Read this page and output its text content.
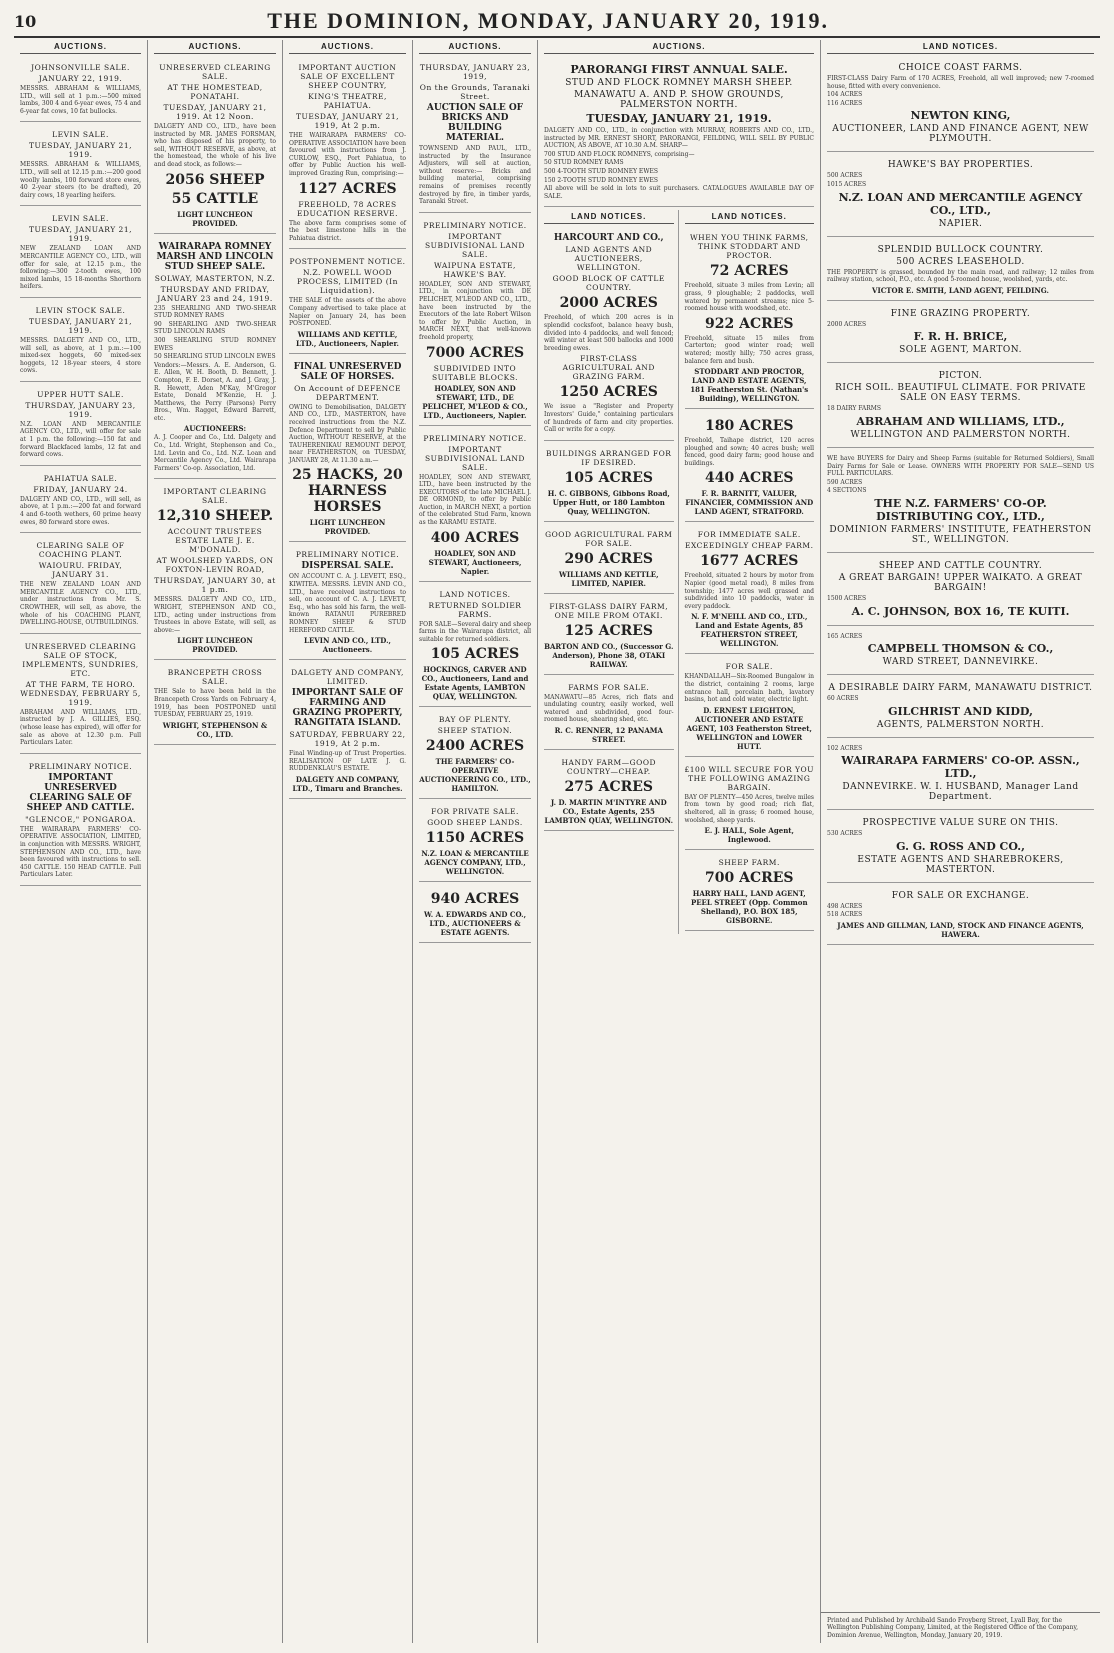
10	THE DOMINION, MONDAY, JANUARY 20, 1919.
AUCTIONS.
JOHNSONVILLE SALE.
JANUARY 22, 1919.

MESSRS. ABRAHAM & WILLIAMS, LTD., will sell at 1 p.m.:—500 mixed lambs, 300 4 and 6-year ewes, 75 4 and 6-year fat cows, 10 fat bullocks.

LEVIN SALE.
TUESDAY, JANUARY 21, 1919.

MESSRS. ABRAHAM & WILLIAMS, LTD., will sell at 12.15 p.m.:—200 good woolly lambs, 100 forward store ewes, 40 2-year steers (to be drafted), 20 dairy cows, 18 yearling heifers.

LEVIN SALE.
TUESDAY, JANUARY 21, 1919.

NEW ZEALAND LOAN AND MERCANTILE AGENCY CO., LTD., will offer for sale, at 12.15 p.m., the following:—300 2-tooth ewes, 100 mixed lambs, 15 18-months Shorthorn heifers.

LEVIN STOCK SALE.
TUESDAY, JANUARY 21, 1919.

MESSRS. DALGETY AND CO., LTD., will sell, as above, at 1 p.m.:—100 mixed-sex hoggets, 60 mixed-sex hoggets, 12 18-year steers, 4 store cows.

UPPER HUTT SALE.
THURSDAY, JANUARY 23, 1919.

N.Z. LOAN AND MERCANTILE AGENCY CO., LTD., will offer for sale at 1 p.m. the following:—150 fat and forward Blackfaced lambs, 12 fat and forward cows.

PAHIATUA SALE.
FRIDAY, JANUARY 24.

DALGETY AND CO., LTD., will sell, as above, at 1 p.m.:—200 fat and forward 4 and 6-tooth wethers, 60 prime heavy ewes, 80 forward store ewes.

CLEARING SALE OF COACHING PLANT.
WAIOURU. FRIDAY, JANUARY 31.

THE NEW ZEALAND LOAN AND MERCANTILE AGENCY CO., LTD., under instructions from Mr. S. CROWTHER, will sell, as above, the whole of his COACHING PLANT, DWELLING-HOUSE, OUTBUILDINGS.

UNRESERVED CLEARING SALE OF STOCK, IMPLEMENTS, SUNDRIES, ETC.
AT THE FARM, TE HORO. WEDNESDAY, FEBRUARY 5, 1919.

ABRAHAM AND WILLIAMS, LTD., instructed by J. A. GILLIES, ESQ. (whose lease has expired), will offer for sale as above at 12.30 p.m. Full Particulars Later.

PRELIMINARY NOTICE.
IMPORTANT UNRESERVED CLEARING SALE OF SHEEP AND CATTLE.
"GLENCOE," PONGAROA.

THE WAIRARAPA FARMERS' CO-OPERATIVE ASSOCIATION, LIMITED, in conjunction with MESSRS. WRIGHT, STEPHENSON AND CO., LTD., have been favoured with instructions to sell. 450 CATTLE. 150 HEAD CATTLE. Full Particulars Later.

AUCTIONS.
UNRESERVED CLEARING SALE.
AT THE HOMESTEAD, PONATAHI.
TUESDAY, JANUARY 21, 1919. At 12 Noon.

DALGETY AND CO., LTD., have been instructed by MR. JAMES FORSMAN, who has disposed of his property, to sell, WITHOUT RESERVE, as above, at the homestead, the whole of his live and dead stock, as follows:—

2056 SHEEP
55 CATTLE
LIGHT LUNCHEON PROVIDED.
WAIRARAPA ROMNEY MARSH AND LINCOLN STUD SHEEP SALE.
SOLWAY, MASTERTON, N.Z.
THURSDAY AND FRIDAY, JANUARY 23 and 24, 1919.

235 SHEARLING AND TWO-SHEAR STUD ROMNEY RAMS

90 SHEARLING AND TWO-SHEAR STUD LINCOLN RAMS

300 SHEARLING STUD ROMNEY EWES

50 SHEARLING STUD LINCOLN EWES

Vendors:—Messrs. A. E. Anderson, G. E. Allen, W. H. Booth, D. Bennett, J. Compton, F. E. Dorset, A. and J. Gray, J. R. Hewett, Aden M'Kay, M'Gregor Estate, Donald M'Kenzie, H. J. Matthews, the Perry (Parsons) Perry Bros., Wm. Ragget, Edward Barrett, etc.

AUCTIONEERS:

A. J. Cooper and Co., Ltd. Dalgety and Co., Ltd. Wright, Stephenson and Co., Ltd. Levin and Co., Ltd. N.Z. Loan and Mercantile Agency Co., Ltd. Wairarapa Farmers' Co-op. Association, Ltd.

IMPORTANT CLEARING SALE.
12,310 SHEEP.
ACCOUNT TRUSTEES ESTATE LATE J. E. M'DONALD.
AT WOOLSHED YARDS, ON FOXTON-LEVIN ROAD,
THURSDAY, JANUARY 30, at 1 p.m.

MESSRS. DALGETY AND CO., LTD., WRIGHT, STEPHENSON AND CO., LTD., acting under instructions from Trustees in above Estate, will sell, as above:—

LIGHT LUNCHEON PROVIDED.
BRANCEPETH CROSS SALE.

THE Sale to have been held in the Brancepeth Cross Yards on February 4, 1919, has been POSTPONED until TUESDAY, FEBRUARY 25, 1919.

WRIGHT, STEPHENSON & CO., LTD.
AUCTIONS.
IMPORTANT AUCTION SALE OF EXCELLENT SHEEP COUNTRY,
KING'S THEATRE, PAHIATUA.
TUESDAY, JANUARY 21, 1919, At 2 p.m.

THE WAIRARAPA FARMERS' CO-OPERATIVE ASSOCIATION have been favoured with instructions from J. CURLOW, ESQ., Port Pahiatua, to offer by Public Auction his well-improved Grazing Run, comprising:—

1127 ACRES
FREEHOLD, 78 ACRES EDUCATION RESERVE.

The above farm comprises some of the best limestone hills in the Pahiatua district.

POSTPONEMENT NOTICE.
N.Z. POWELL WOOD PROCESS, LIMITED (In Liquidation).

THE SALE of the assets of the above Company advertised to take place at Napier on January 24, has been POSTPONED.

WILLIAMS AND KETTLE, LTD., Auctioneers, Napier.
FINAL UNRESERVED SALE OF HORSES.
On Account of DEFENCE DEPARTMENT.

OWING to Demobilisation, DALGETY AND CO., LTD., MASTERTON, have received instructions from the N.Z. Defence Department to sell by Public Auction, WITHOUT RESERVE, at the TAUHERENIKAU REMOUNT DEPOT, near FEATHERSTON, on TUESDAY, JANUARY 28, At 11.30 a.m.—

25 HACKS, 20 HARNESS HORSES
LIGHT LUNCHEON PROVIDED.
PRELIMINARY NOTICE.
DISPERSAL SALE.

ON ACCOUNT C. A. J. LEVETT, ESQ., KIWITEA. MESSRS. LEVIN AND CO., LTD., have received instructions to sell, on account of C. A. J. LEVETT, Esq., who has sold his farm, the well-known RATANUI PUREBRED ROMNEY SHEEP & STUD HEREFORD CATTLE.

LEVIN AND CO., LTD., Auctioneers.
DALGETY AND COMPANY, LIMITED.
IMPORTANT SALE OF FARMING AND GRAZING PROPERTY, RANGITATA ISLAND.
SATURDAY, FEBRUARY 22, 1919, At 2 p.m.

Final Winding-up of Trust Properties. REALISATION OF LATE J. G. RUDDENKLAU'S ESTATE.

DALGETY AND COMPANY, LTD., Timaru and Branches.
AUCTIONS.
THURSDAY, JANUARY 23, 1919,
On the Grounds, Taranaki Street.
AUCTION SALE OF BRICKS AND BUILDING MATERIAL.

TOWNSEND AND PAUL, LTD., instructed by the Insurance Adjusters, will sell at auction, without reserve:— Bricks and building material, comprising remains of premises recently destroyed by fire, in timber yards, Taranaki Street.

PRELIMINARY NOTICE.
IMPORTANT SUBDIVISIONAL LAND SALE.
WAIPUNA ESTATE, HAWKE'S BAY.

HOADLEY, SON AND STEWART, LTD., in conjunction with DE PELICHET, M'LEOD AND CO., LTD., have been instructed by the Executors of the late Robert Wilson to offer by Public Auction, in MARCH NEXT, that well-known freehold property,

7000 ACRES
SUBDIVIDED INTO SUITABLE BLOCKS.
HOADLEY, SON AND STEWART, LTD., DE PELICHET, M'LEOD & CO., LTD., Auctioneers, Napier.
PRELIMINARY NOTICE.
IMPORTANT SUBDIVISIONAL LAND SALE.

HOADLEY, SON AND STEWART, LTD., have been instructed by the EXECUTORS of the late MICHAEL J. DE ORMOND, to offer by Public Auction, in MARCH NEXT, a portion of the celebrated Stud Farm, known as the KARAMU ESTATE.

400 ACRES
HOADLEY, SON AND STEWART, Auctioneers, Napier.
LAND NOTICES.
RETURNED SOLDIER FARMS.

FOR SALE—Several dairy and sheep farms in the Wairarapa district, all suitable for returned soldiers.

105 ACRES
HOCKINGS, CARVER AND CO., Auctioneers, Land and Estate Agents, LAMBTON QUAY, WELLINGTON.
BAY OF PLENTY.
SHEEP STATION.
2400 ACRES
THE FARMERS' CO-OPERATIVE AUCTIONEERING CO., LTD., HAMILTON.
FOR PRIVATE SALE.
GOOD SHEEP LANDS.
1150 ACRES
N.Z. LOAN & MERCANTILE AGENCY COMPANY, LTD., WELLINGTON.
940 ACRES
W. A. EDWARDS AND CO., LTD., AUCTIONEERS & ESTATE AGENTS.
AUCTIONS.
PARORANGI FIRST ANNUAL SALE.
STUD AND FLOCK ROMNEY MARSH SHEEP.
MANAWATU A. AND P. SHOW GROUNDS, PALMERSTON NORTH.
TUESDAY, JANUARY 21, 1919.

DALGETY AND CO., LTD., in conjunction with MURRAY, ROBERTS AND CO., LTD., instructed by MR. ERNEST SHORT, PARORANGI, FEILDING, WILL SELL BY PUBLIC AUCTION, AS ABOVE, AT 10.30 A.M. SHARP—

700 STUD AND FLOCK ROMNEYS, comprising—

50 STUD ROMNEY RAMS

500 4-TOOTH STUD ROMNEY EWES

150 2-TOOTH STUD ROMNEY EWES

All above will be sold in lots to suit purchasers. CATALOGUES AVAILABLE DAY OF SALE.

LAND NOTICES.
HARCOURT AND CO.,
LAND AGENTS AND AUCTIONEERS, WELLINGTON.
GOOD BLOCK OF CATTLE COUNTRY.
2000 ACRES

Freehold, of which 200 acres is in splendid cocksfoot, balance heavy bush, divided into 4 paddocks, and well fenced; will winter at least 500 ballocks and 1000 breeding ewes.

FIRST-CLASS AGRICULTURAL AND GRAZING FARM.
1250 ACRES

We issue a "Register and Property Investors' Guide," containing particulars of hundreds of farm and city properties. Call or write for a copy.

BUILDINGS ARRANGED FOR IF DESIRED.
105 ACRES
H. C. GIBBONS, Gibbons Road, Upper Hutt, or 180 Lambton Quay, WELLINGTON.
GOOD AGRICULTURAL FARM FOR SALE.
290 ACRES
WILLIAMS AND KETTLE, LIMITED, NAPIER.
FIRST-GLASS DAIRY FARM, ONE MILE FROM OTAKI.
125 ACRES
BARTON AND CO., (Successor G. Anderson), Phone 38, OTAKI RAILWAY.
FARMS FOR SALE.

MANAWATU—85 Acres, rich flats and undulating country, easily worked, well watered and subdivided, good four-roomed house, shearing shed, etc.

R. C. RENNER, 12 PANAMA STREET.
HANDY FARM—GOOD COUNTRY—CHEAP.
275 ACRES
J. D. MARTIN M'INTYRE AND CO., Estate Agents, 255 LAMBTON QUAY, WELLINGTON.
LAND NOTICES.
WHEN YOU THINK FARMS, THINK STODDART AND PROCTOR.
72 ACRES

Freehold, situate 3 miles from Levin; all grass, 9 ploughable; 2 paddocks, well watered by permanent streams; nice 5-roomed house with woodshed, etc.

922 ACRES

Freehold, situate 15 miles from Carterton; good winter road; well watered; mostly hilly; 750 acres grass, balance fern and bush.

STODDART AND PROCTOR, LAND AND ESTATE AGENTS, 181 Featherston St. (Nathan's Building), WELLINGTON.
180 ACRES

Freehold, Taihape district, 120 acres ploughed and sown; 40 acres bush; well fenced, good dairy farm; good house and buildings.

440 ACRES
F. R. BARNITT, VALUER, FINANCIER, COMMISSION AND LAND AGENT, STRATFORD.
FOR IMMEDIATE SALE.
EXCEEDINGLY CHEAP FARM.
1677 ACRES

Freehold, situated 2 hours by motor from Napier (good metal road), 8 miles from township; 1477 acres well grassed and subdivided into 10 paddocks, water in every paddock.

N. F. M'NEILL AND CO., LTD., Land and Estate Agents, 85 FEATHERSTON STREET, WELLINGTON.
FOR SALE.

KHANDALLAH—Six-Roomed Bungalow in the district, containing 2 rooms, large entrance hall, porcelain bath, lavatory basins, hot and cold water, electric light.

D. ERNEST LEIGHTON, AUCTIONEER AND ESTATE AGENT, 103 Featherston Street, WELLINGTON and LOWER HUTT.
£100 WILL SECURE FOR YOU THE FOLLOWING AMAZING BARGAIN.

BAY OF PLENTY—450 Acres, twelve miles from town by good road; rich flat, sheltered, all in grass; 6 roomed house, woolshed, sheep yards.

E. J. HALL, Sole Agent, Inglewood.
SHEEP FARM.
700 ACRES
HARRY HALL, LAND AGENT, PEEL STREET (Opp. Common Shelland), P.O. BOX 185, GISBORNE.
LAND NOTICES.
CHOICE COAST FARMS.

FIRST-CLASS Dairy Farm of 170 ACRES, Freehold, all well improved; new 7-roomed house, fitted with every convenience.

104 ACRES

116 ACRES

NEWTON KING,
AUCTIONEER, LAND AND FINANCE AGENT, NEW PLYMOUTH.
HAWKE'S BAY PROPERTIES.

500 ACRES

1015 ACRES

N.Z. LOAN AND MERCANTILE AGENCY CO., LTD.,
NAPIER.
SPLENDID BULLOCK COUNTRY.
500 ACRES LEASEHOLD.

THE PROPERTY is grassed, bounded by the main road, and railway; 12 miles from railway station, school, P.O., etc. A good 5-roomed house, woolshed, yards, etc.

VICTOR E. SMITH, LAND AGENT, FEILDING.
FINE GRAZING PROPERTY.

2000 ACRES

F. R. H. BRICE,
SOLE AGENT, MARTON.
PICTON.
RICH SOIL. BEAUTIFUL CLIMATE. FOR PRIVATE SALE ON EASY TERMS.

18 DAIRY FARMS

ABRAHAM AND WILLIAMS, LTD.,
WELLINGTON AND PALMERSTON NORTH.

WE have BUYERS for Dairy and Sheep Farms (suitable for Returned Soldiers), Small Dairy Farms for Sale or Lease. OWNERS WITH PROPERTY FOR SALE—SEND US FULL PARTICULARS.

590 ACRES

4 SECTIONS

THE N.Z. FARMERS' CO-OP. DISTRIBUTING COY., LTD.,
DOMINION FARMERS' INSTITUTE, FEATHERSTON ST., WELLINGTON.
SHEEP AND CATTLE COUNTRY.
A GREAT BARGAIN! UPPER WAIKATO. A GREAT BARGAIN!

1500 ACRES

A. C. JOHNSON, BOX 16, TE KUITI.

165 ACRES

CAMPBELL THOMSON & CO.,
WARD STREET, DANNEVIRKE.
A DESIRABLE DAIRY FARM, MANAWATU DISTRICT.

60 ACRES

GILCHRIST AND KIDD,
AGENTS, PALMERSTON NORTH.

102 ACRES

WAIRARAPA FARMERS' CO-OP. ASSN., LTD.,
DANNEVIRKE. W. I. HUSBAND, Manager Land Department.
PROSPECTIVE VALUE SURE ON THIS.

530 ACRES

G. G. ROSS AND CO.,
ESTATE AGENTS AND SHAREBROKERS, MASTERTON.
FOR SALE OR EXCHANGE.

498 ACRES

518 ACRES

JAMES AND GILLMAN, LAND, STOCK AND FINANCE AGENTS, HAWERA.
Printed and Published by Archibald Sando Froyberg Street, Lyall Bay, for the Wellington Publishing Company, Limited, at the Registered Office of the Company, Dominion Avenue, Wellington, Monday, January 20, 1919.
